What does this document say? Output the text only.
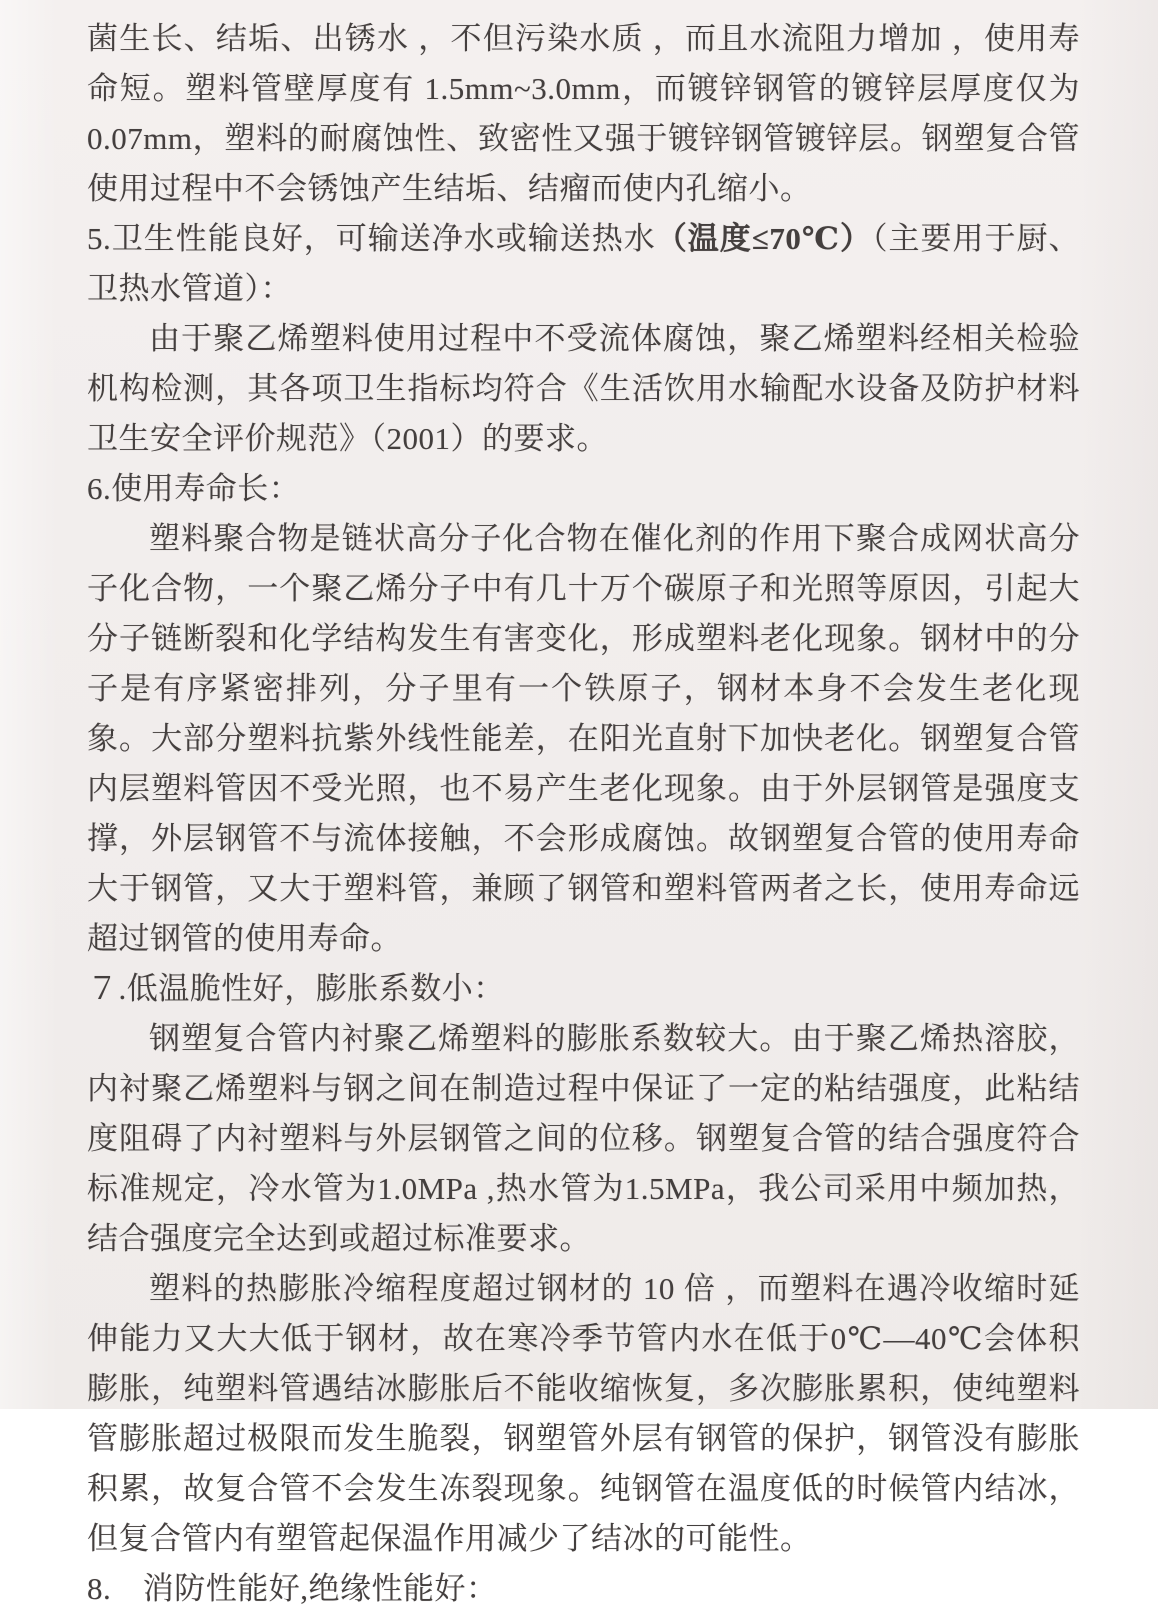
菌生长、结垢、出锈水 ，不但污染水质 ，而且水流阻力增加 ，使用寿命短。塑料管壁厚度有 1.5mm~3.0mm，而镀锌钢管的镀锌层厚度仅为0.07mm，塑料的耐腐蚀性、致密性又强于镀锌钢管镀锌层。钢塑复合管使用过程中不会锈蚀产生结垢、结瘤而使内孔缩小。

5.卫生性能良好，可输送净水或输送热水（温度≤70℃）（主要用于厨、卫热水管道）：

由于聚乙烯塑料使用过程中不受流体腐蚀，聚乙烯塑料经相关检验机构检测，其各项卫生指标均符合《生活饮用水输配水设备及防护材料卫生安全评价规范》（2001）的要求。

6.使用寿命长：

塑料聚合物是链状高分子化合物在催化剂的作用下聚合成网状高分子化合物，一个聚乙烯分子中有几十万个碳原子和光照等原因，引起大分子链断裂和化学结构发生有害变化，形成塑料老化现象。钢材中的分子是有序紧密排列，分子里有一个铁原子，钢材本身不会发生老化现象。大部分塑料抗紫外线性能差，在阳光直射下加快老化。钢塑复合管内层塑料管因不受光照，也不易产生老化现象。由于外层钢管是强度支撑，外层钢管不与流体接触，不会形成腐蚀。故钢塑复合管的使用寿命大于钢管，又大于塑料管，兼顾了钢管和塑料管两者之长，使用寿命远超过钢管的使用寿命。

７.低温脆性好，膨胀系数小：

钢塑复合管内衬聚乙烯塑料的膨胀系数较大。由于聚乙烯热溶胶，内衬聚乙烯塑料与钢之间在制造过程中保证了一定的粘结强度，此粘结度阻碍了内衬塑料与外层钢管之间的位移。钢塑复合管的结合强度符合标准规定，冷水管为1.0MPa ,热水管为1.5MPa，我公司采用中频加热，结合强度完全达到或超过标准要求。

塑料的热膨胀冷缩程度超过钢材的 10 倍 ，而塑料在遇冷收缩时延伸能力又大大低于钢材，故在寒冷季节管内水在低于0℃—40℃会体积膨胀，纯塑料管遇结冰膨胀后不能收缩恢复，多次膨胀累积，使纯塑料管膨胀超过极限而发生脆裂，钢塑管外层有钢管的保护，钢管没有膨胀积累，故复合管不会发生冻裂现象。纯钢管在温度低的时候管内结冰，但复合管内有塑管起保温作用减少了结冰的可能性。

8.　消防性能好,绝缘性能好：
